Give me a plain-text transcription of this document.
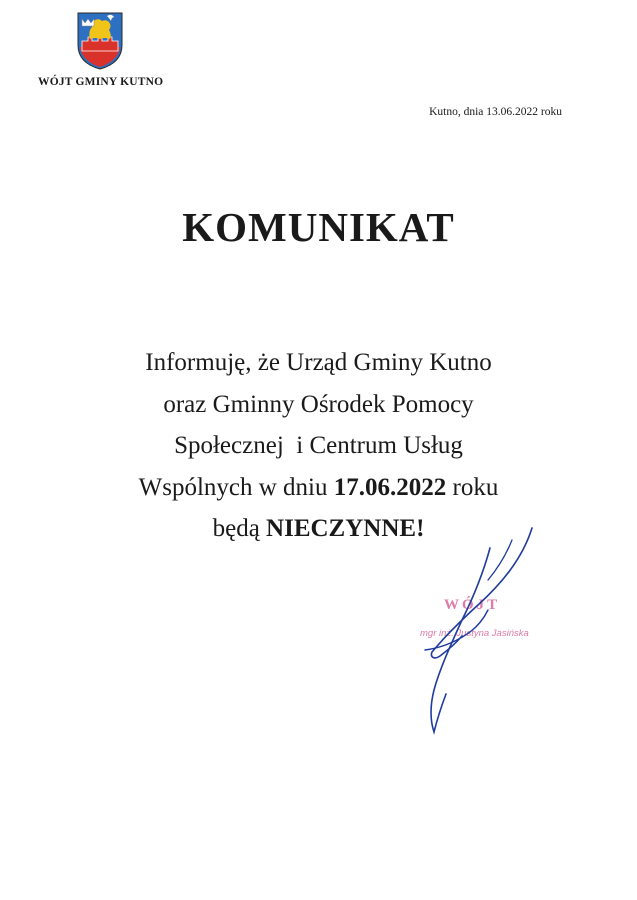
WÓJT GMINY KUTNO
Kutno, dnia 13.06.2022 roku
KOMUNIKAT
Informuję, że Urząd Gminy Kutno
oraz Gminny Ośrodek Pomocy
Społecznej  i Centrum Usług
Wspólnych w dniu 17.06.2022 roku
będą NIECZYNNE!
WÓJT
mgr inż. Justyna Jasińska
